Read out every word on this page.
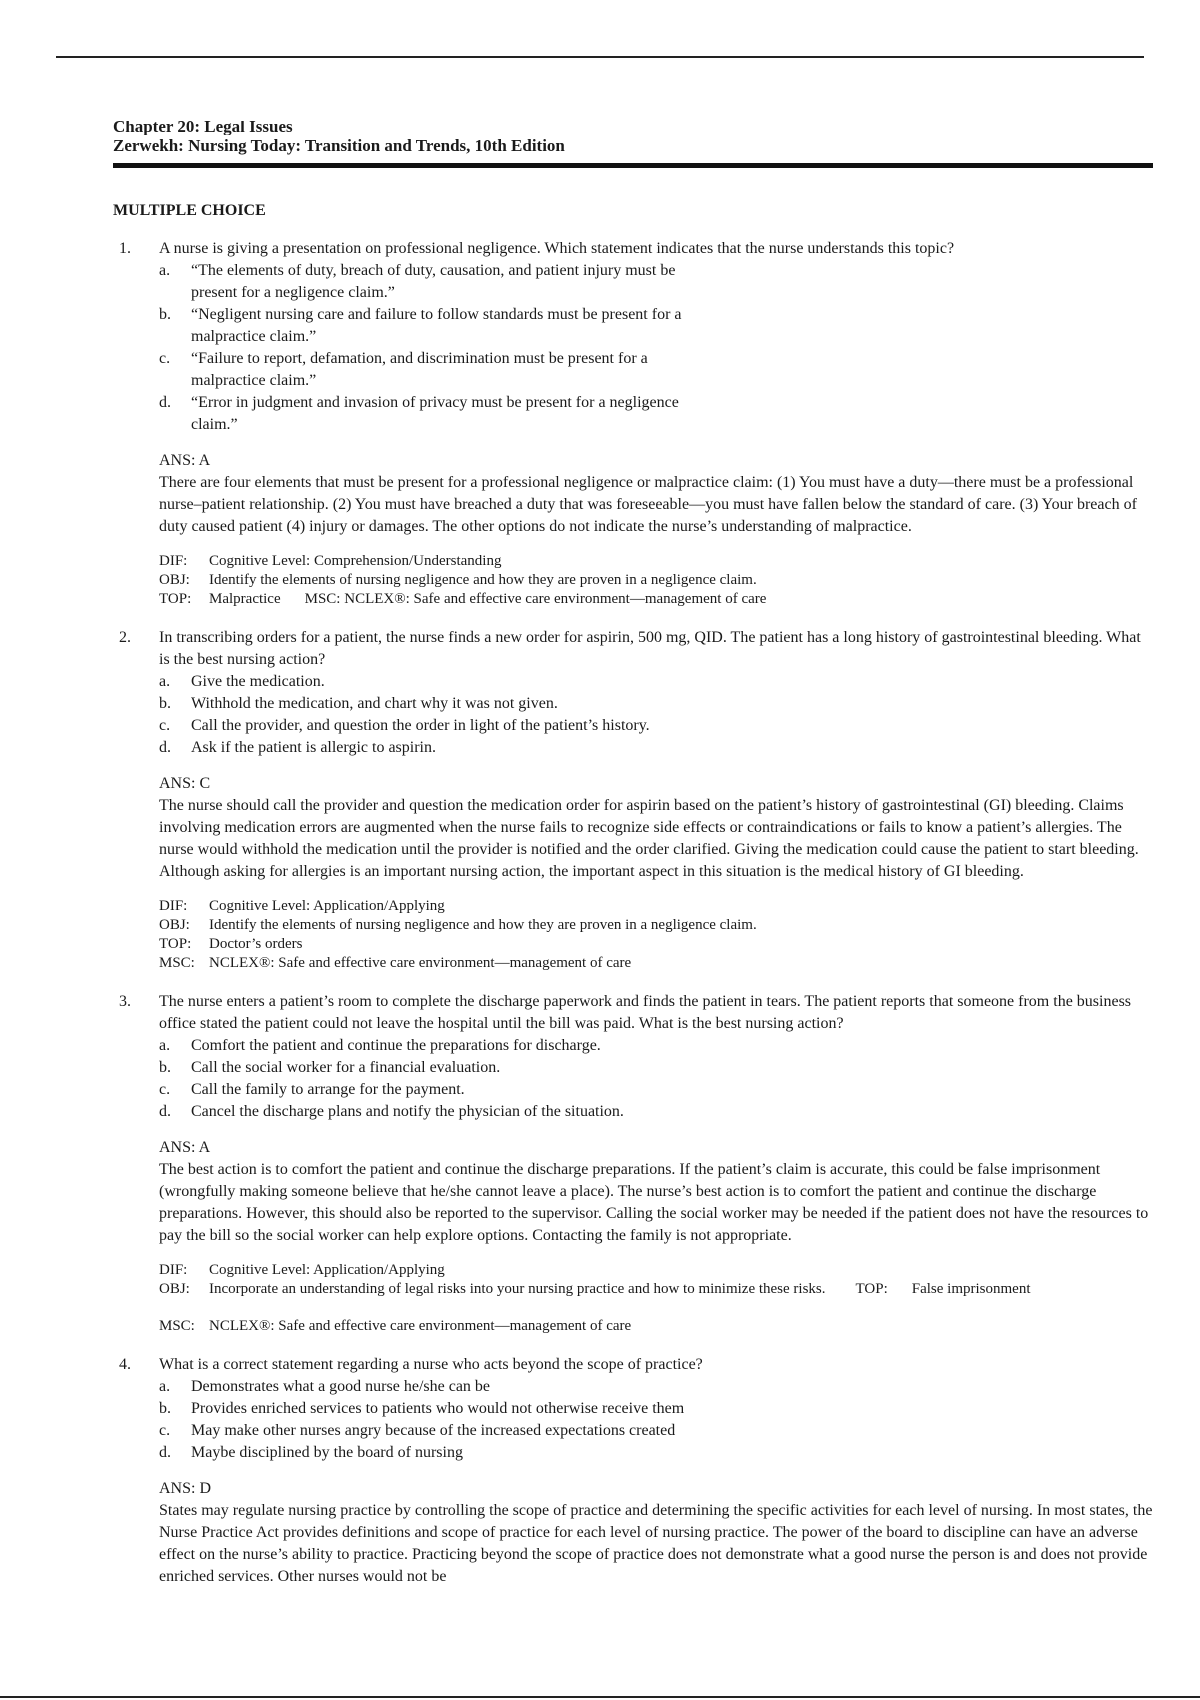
Chapter 20: Legal Issues
Zerwekh: Nursing Today: Transition and Trends, 10th Edition
MULTIPLE CHOICE
1.	A nurse is giving a presentation on professional negligence. Which statement indicates that the nurse understands this topic?
a.	“The elements of duty, breach of duty, causation, and patient injury must be present for a negligence claim.”
b.	“Negligent nursing care and failure to follow standards must be present for a malpractice claim.”
c.	“Failure to report, defamation, and discrimination must be present for a malpractice claim.”
d.	“Error in judgment and invasion of privacy must be present for a negligence claim.”
ANS: A
There are four elements that must be present for a professional negligence or malpractice claim: (1) You must have a duty—there must be a professional nurse–patient relationship. (2) You must have breached a duty that was foreseeable—you must have fallen below the standard of care. (3) Your breach of duty caused patient (4) injury or damages. The other options do not indicate the nurse’s understanding of malpractice.
DIF: Cognitive Level: Comprehension/Understanding
OBJ: Identify the elements of nursing negligence and how they are proven in a negligence claim.
TOP: Malpractice MSC: NCLEX®: Safe and effective care environment—management of care
2.	In transcribing orders for a patient, the nurse finds a new order for aspirin, 500 mg, QID. The patient has a long history of gastrointestinal bleeding. What is the best nursing action?
a.	Give the medication.
b.	Withhold the medication, and chart why it was not given.
c.	Call the provider, and question the order in light of the patient’s history.
d.	Ask if the patient is allergic to aspirin.
ANS: C
The nurse should call the provider and question the medication order for aspirin based on the patient’s history of gastrointestinal (GI) bleeding. Claims involving medication errors are augmented when the nurse fails to recognize side effects or contraindications or fails to know a patient’s allergies. The nurse would withhold the medication until the provider is notified and the order clarified. Giving the medication could cause the patient to start bleeding. Although asking for allergies is an important nursing action, the important aspect in this situation is the medical history of GI bleeding.
DIF: Cognitive Level: Application/Applying
OBJ: Identify the elements of nursing negligence and how they are proven in a negligence claim.
TOP: Doctor’s orders
MSC: NCLEX®: Safe and effective care environment—management of care
3.	The nurse enters a patient’s room to complete the discharge paperwork and finds the patient in tears. The patient reports that someone from the business office stated the patient could not leave the hospital until the bill was paid. What is the best nursing action?
a.	Comfort the patient and continue the preparations for discharge.
b.	Call the social worker for a financial evaluation.
c.	Call the family to arrange for the payment.
d.	Cancel the discharge plans and notify the physician of the situation.
ANS: A
The best action is to comfort the patient and continue the discharge preparations. If the patient’s claim is accurate, this could be false imprisonment (wrongfully making someone believe that he/she cannot leave a place). The nurse’s best action is to comfort the patient and continue the discharge preparations. However, this should also be reported to the supervisor. Calling the social worker may be needed if the patient does not have the resources to pay the bill so the social worker can help explore options. Contacting the family is not appropriate.
DIF: Cognitive Level: Application/Applying
OBJ: Incorporate an understanding of legal risks into your nursing practice and how to minimize these risks. TOP: False imprisonment
MSC: NCLEX®: Safe and effective care environment—management of care
4.	What is a correct statement regarding a nurse who acts beyond the scope of practice?
a.	Demonstrates what a good nurse he/she can be
b.	Provides enriched services to patients who would not otherwise receive them
c.	May make other nurses angry because of the increased expectations created
d.	Maybe disciplined by the board of nursing
ANS: D
States may regulate nursing practice by controlling the scope of practice and determining the specific activities for each level of nursing. In most states, the Nurse Practice Act provides definitions and scope of practice for each level of nursing practice. The power of the board to discipline can have an adverse effect on the nurse’s ability to practice. Practicing beyond the scope of practice does not demonstrate what a good nurse the person is and does not provide enriched services. Other nurses would not be
